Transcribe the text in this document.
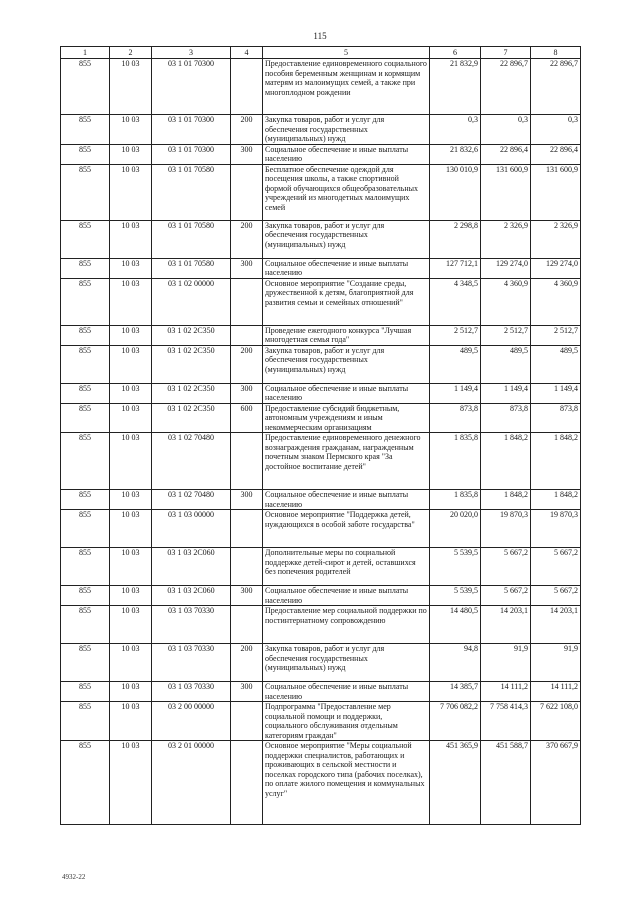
115
1	2	3	4	5	6	7	8
855	10 03	03 1 01 70300		Предоставление единовременного социального пособия беременным женщинам и кормящим матерям из малоимущих семей, а также при многоплодном рождении	21 832,9	22 896,7	22 896,7
855	10 03	03 1 01 70300	200	Закупка товаров, работ и услуг для обеспечения государственных (муниципальных) нужд	0,3	0,3	0,3
855	10 03	03 1 01 70300	300	Социальное обеспечение и иные выплаты населению	21 832,6	22 896,4	22 896,4
855	10 03	03 1 01 70580		Бесплатное обеспечение одеждой для посещения школы, а также спортивной формой обучающихся общеобразовательных учреждений из многодетных малоимущих семей	130 010,9	131 600,9	131 600,9
855	10 03	03 1 01 70580	200	Закупка товаров, работ и услуг для обеспечения государственных (муниципальных) нужд	2 298,8	2 326,9	2 326,9
855	10 03	03 1 01 70580	300	Социальное обеспечение и иные выплаты населению	127 712,1	129 274,0	129 274,0
855	10 03	03 1 02 00000		Основное мероприятие "Создание среды, дружественной к детям, благоприятной для развития семьи и семейных отношений"	4 348,5	4 360,9	4 360,9
855	10 03	03 1 02 2С350		Проведение ежегодного конкурса "Лучшая многодетная семья года"	2 512,7	2 512,7	2 512,7
855	10 03	03 1 02 2С350	200	Закупка товаров, работ и услуг для обеспечения государственных (муниципальных) нужд	489,5	489,5	489,5
855	10 03	03 1 02 2С350	300	Социальное обеспечение и иные выплаты населению	1 149,4	1 149,4	1 149,4
855	10 03	03 1 02 2С350	600	Предоставление субсидий бюджетным, автономным учреждениям и иным некоммерческим организациям	873,8	873,8	873,8
855	10 03	03 1 02 70480		Предоставление единовременного денежного вознаграждения гражданам, награжденным почетным знаком Пермского края "За достойное воспитание детей"	1 835,8	1 848,2	1 848,2
855	10 03	03 1 02 70480	300	Социальное обеспечение и иные выплаты населению	1 835,8	1 848,2	1 848,2
855	10 03	03 1 03 00000		Основное мероприятие "Поддержка детей, нуждающихся в особой заботе государства"	20 020,0	19 870,3	19 870,3
855	10 03	03 1 03 2С060		Дополнительные меры по социальной поддержке детей-сирот и детей, оставшихся без попечения родителей	5 539,5	5 667,2	5 667,2
855	10 03	03 1 03 2С060	300	Социальное обеспечение и иные выплаты населению	5 539,5	5 667,2	5 667,2
855	10 03	03 1 03 70330		Предоставление мер социальной поддержки по постинтернатному сопровождению	14 480,5	14 203,1	14 203,1
855	10 03	03 1 03 70330	200	Закупка товаров, работ и услуг для обеспечения государственных (муниципальных) нужд	94,8	91,9	91,9
855	10 03	03 1 03 70330	300	Социальное обеспечение и иные выплаты населению	14 385,7	14 111,2	14 111,2
855	10 03	03 2 00 00000		Подпрограмма "Предоставление мер социальной помощи и поддержки, социального обслуживания отдельным категориям граждан"	7 706 082,2	7 758 414,3	7 622 108,0
855	10 03	03 2 01 00000		Основное мероприятие "Меры социальной поддержки специалистов, работающих и проживающих в сельской местности и поселках городского типа (рабочих поселках), по оплате жилого помещения и коммунальных услуг"	451 365,9	451 588,7	370 667,9
4932-22
